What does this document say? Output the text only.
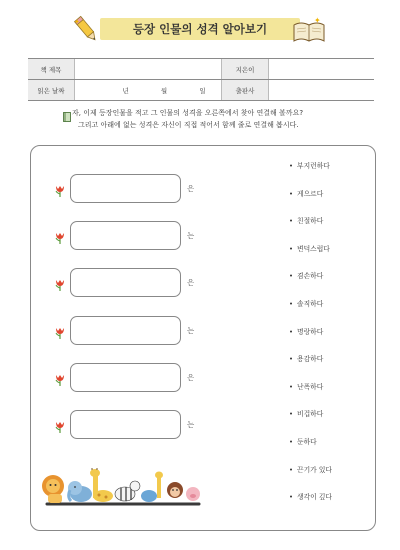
✦	등장 인물의 성격 알아보기
✦
책 제목		지은이	
읽은 날짜	년 월 일	출판사	
자, 이제 등장인물을 적고 그 인물의 성격을 오른쪽에서 찾아 연결해 볼까요?
그리고 아래에 없는 성격은 자신이 직접 적어서 함께 줄로 연결해 봅시다.
은
는
은
는
은
는
• 부지런하다
• 게으르다
• 친절하다
• 변덕스럽다
• 겸손하다
• 솔직하다
• 명랑하다
• 용감하다
• 난폭하다
• 비겁하다
• 둔하다
• 끈기가 있다
• 생각이 깊다
